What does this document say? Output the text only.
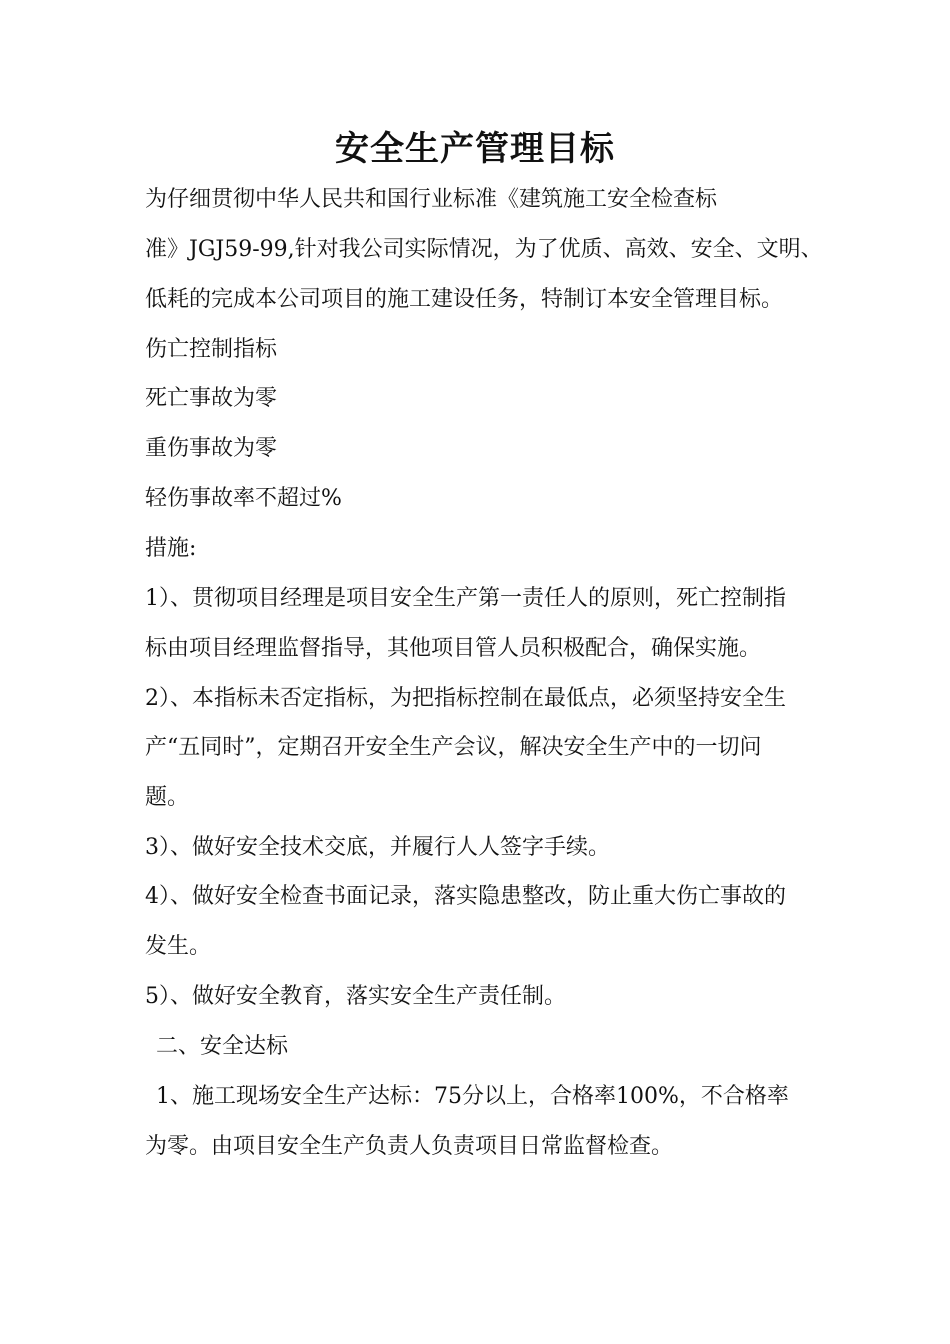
安全生产管理目标
为仔细贯彻中华人民共和国行业标准《建筑施工安全检查标
准》JGJ59-99,针对我公司实际情况，为了优质、高效、安全、文明、
低耗的完成本公司项目的施工建设任务，特制订本安全管理目标。
伤亡控制指标
死亡事故为零
重伤事故为零
轻伤事故率不超过%
措施:
1）、贯彻项目经理是项目安全生产第一责任人的原则，死亡控制指
标由项目经理监督指导，其他项目管人员积极配合，确保实施。
2）、本指标未否定指标，为把指标控制在最低点，必须坚持安全生
产“五同时”，定期召开安全生产会议，解决安全生产中的一切问
题。
3）、做好安全技术交底，并履行人人签字手续。
4）、做好安全检查书面记录，落实隐患整改，防止重大伤亡事故的
发生。
5）、做好安全教育，落实安全生产责任制。
二、安全达标
1、施工现场安全生产达标：75分以上，合格率100%，不合格率
为零。由项目安全生产负责人负责项目日常监督检查。
